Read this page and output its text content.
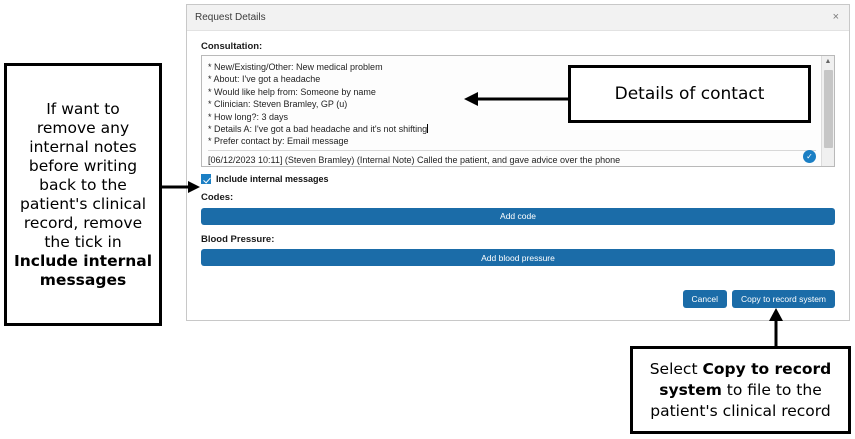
Request Details	×
Consultation:
* New/Existing/Other: New medical problem
* About: I've got a headache
* Would like help from: Someone by name
* Clinician: Steven Bramley, GP (u)
* How long?: 3 days
* Details A: I've got a bad headache and it's not shifting
* Prefer contact by: Email message
[06/12/2023 10:11] (Steven Bramley) (Internal Note) Called the patient, and gave advice over the phone
▲
✓
Include internal messages
Codes:
Add code
Blood Pressure:
Add blood pressure
Cancel	Copy to record system

If want to
remove any
internal notes
before writing
back to the
patient's clinical
record, remove
the tick in
Include internal messages

Details of contact

Select Copy to record system to file to the patient's clinical record
